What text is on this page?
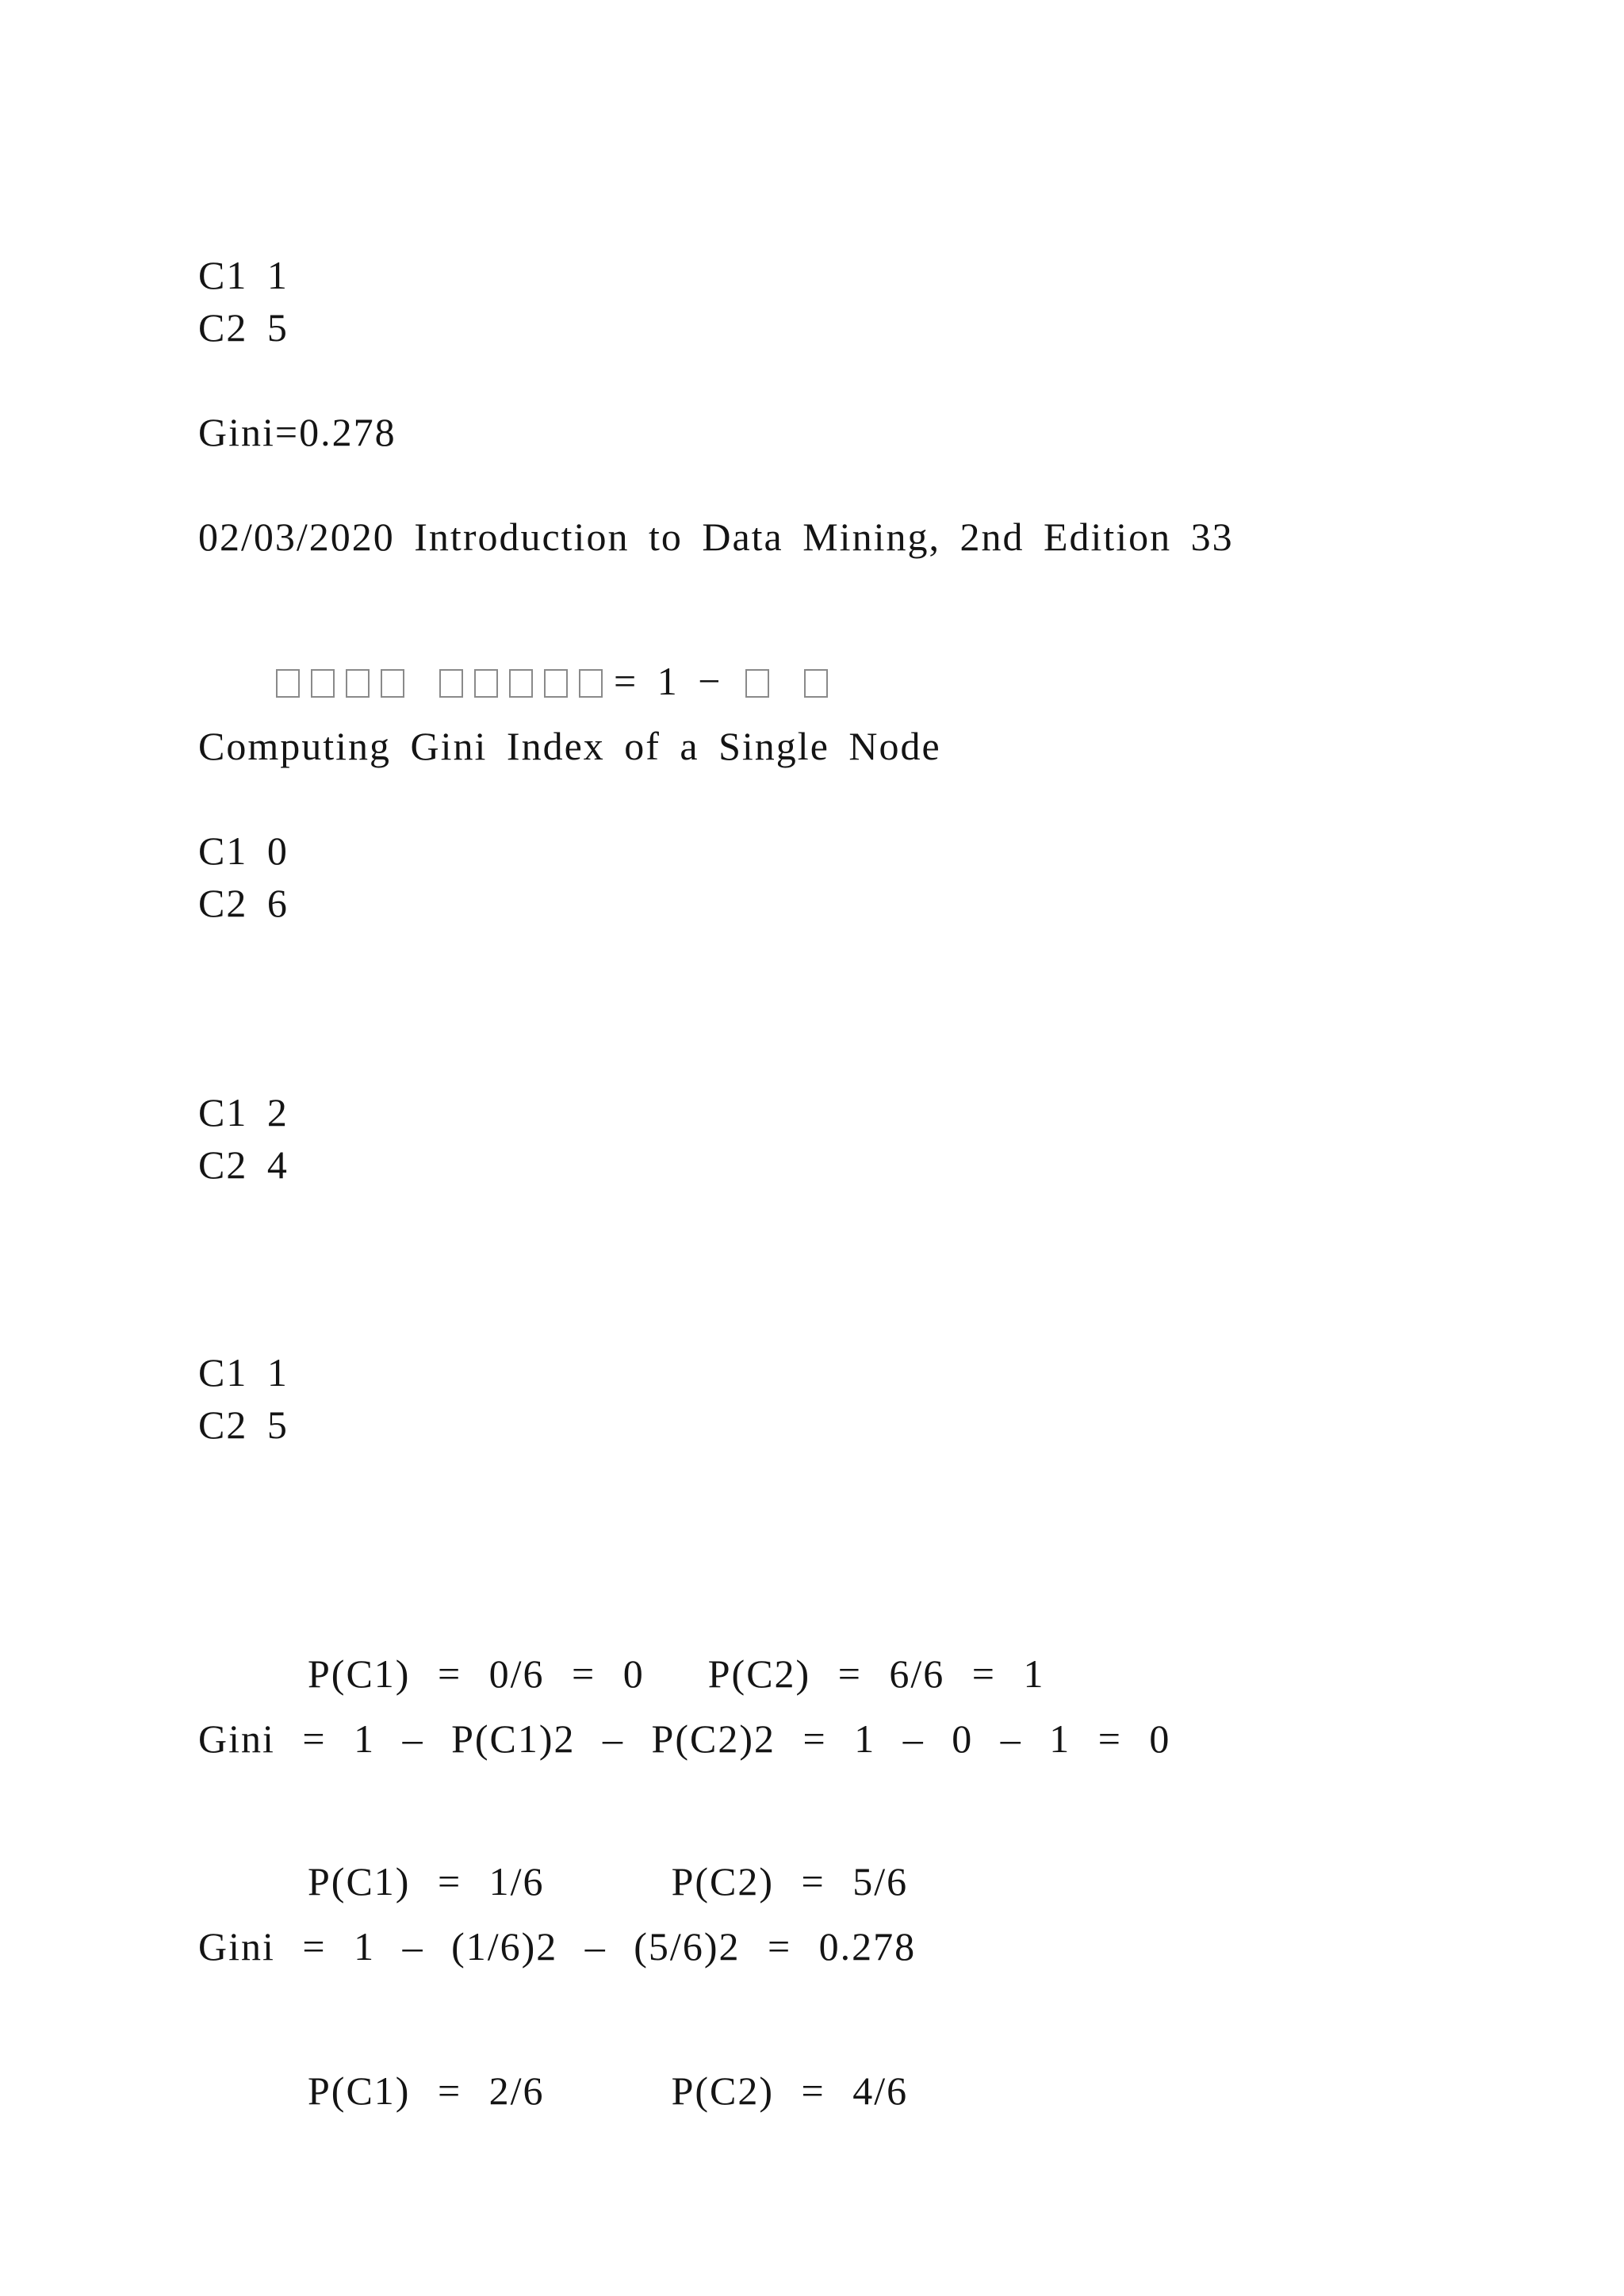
C1 1
C2 5
Gini=0.278
02/03/2020 Introduction to Data Mining, 2nd Edition 33

= 1 −

Computing Gini Index of a Single Node
C1 0
C2 6
C1 2
C2 4
C1 1
C2 5

P(C1) = 0/6 = 0 P(C2) = 6/6 = 1

Gini = 1 – P(C1)2 – P(C2)2 = 1 – 0 – 1 = 0

P(C1) = 1/6	P(C2) = 5/6

Gini = 1 – (1/6)2 – (5/6)2 = 0.278

P(C1) = 2/6	P(C2) = 4/6
